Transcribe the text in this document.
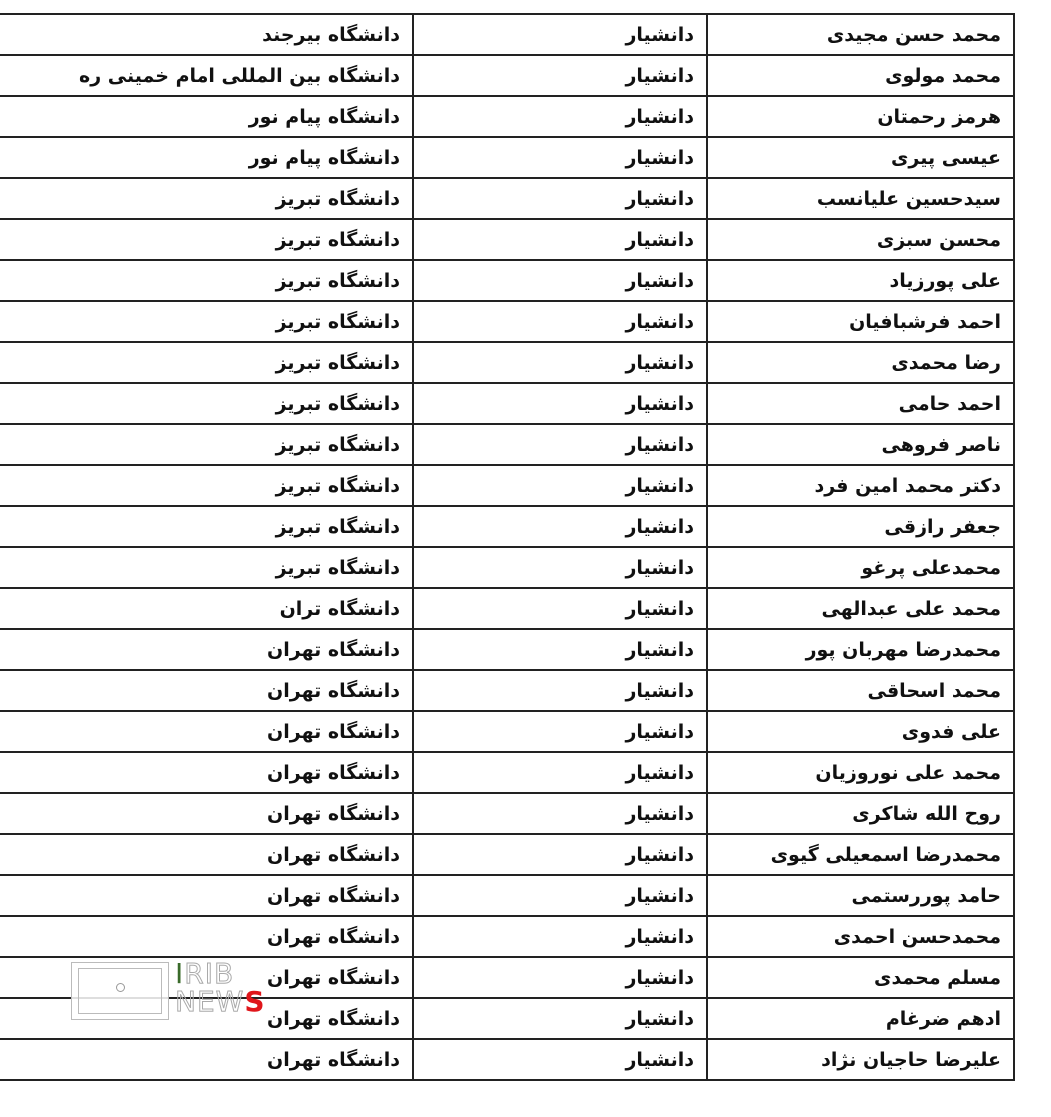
محمد حسن مجیدی	دانشیار	دانشگاه بیرجند
محمد مولوی	دانشیار	دانشگاه بین المللی امام خمینی ره
هرمز رحمتان	دانشیار	دانشگاه پیام نور
عیسی پیری	دانشیار	دانشگاه پیام نور
سیدحسین علیانسب	دانشیار	دانشگاه تبریز
محسن سبزی	دانشیار	دانشگاه تبریز
علی پورزیاد	دانشیار	دانشگاه تبریز
احمد فرشبافیان	دانشیار	دانشگاه تبریز
رضا محمدی	دانشیار	دانشگاه تبریز
احمد حامی	دانشیار	دانشگاه تبریز
ناصر فروهی	دانشیار	دانشگاه تبریز
دکتر محمد امین فرد	دانشیار	دانشگاه تبریز
جعفر رازقی	دانشیار	دانشگاه تبریز
محمدعلی پرغو	دانشیار	دانشگاه تبریز
محمد علی عبدالهی	دانشیار	دانشگاه تران
محمدرضا مهربان پور	دانشیار	دانشگاه تهران
محمد اسحاقی	دانشیار	دانشگاه تهران
علی فدوی	دانشیار	دانشگاه تهران
محمد علی نوروزیان	دانشیار	دانشگاه تهران
روح الله شاکری	دانشیار	دانشگاه تهران
محمدرضا اسمعیلی گیوی	دانشیار	دانشگاه تهران
حامد پوررستمی	دانشیار	دانشگاه تهران
محمدحسن احمدی	دانشیار	دانشگاه تهران
مسلم محمدی	دانشیار	دانشگاه تهران
ادهم ضرغام	دانشیار	دانشگاه تهران
علیرضا حاجیان نژاد	دانشیار	دانشگاه تهران
IRIB
NEWS
